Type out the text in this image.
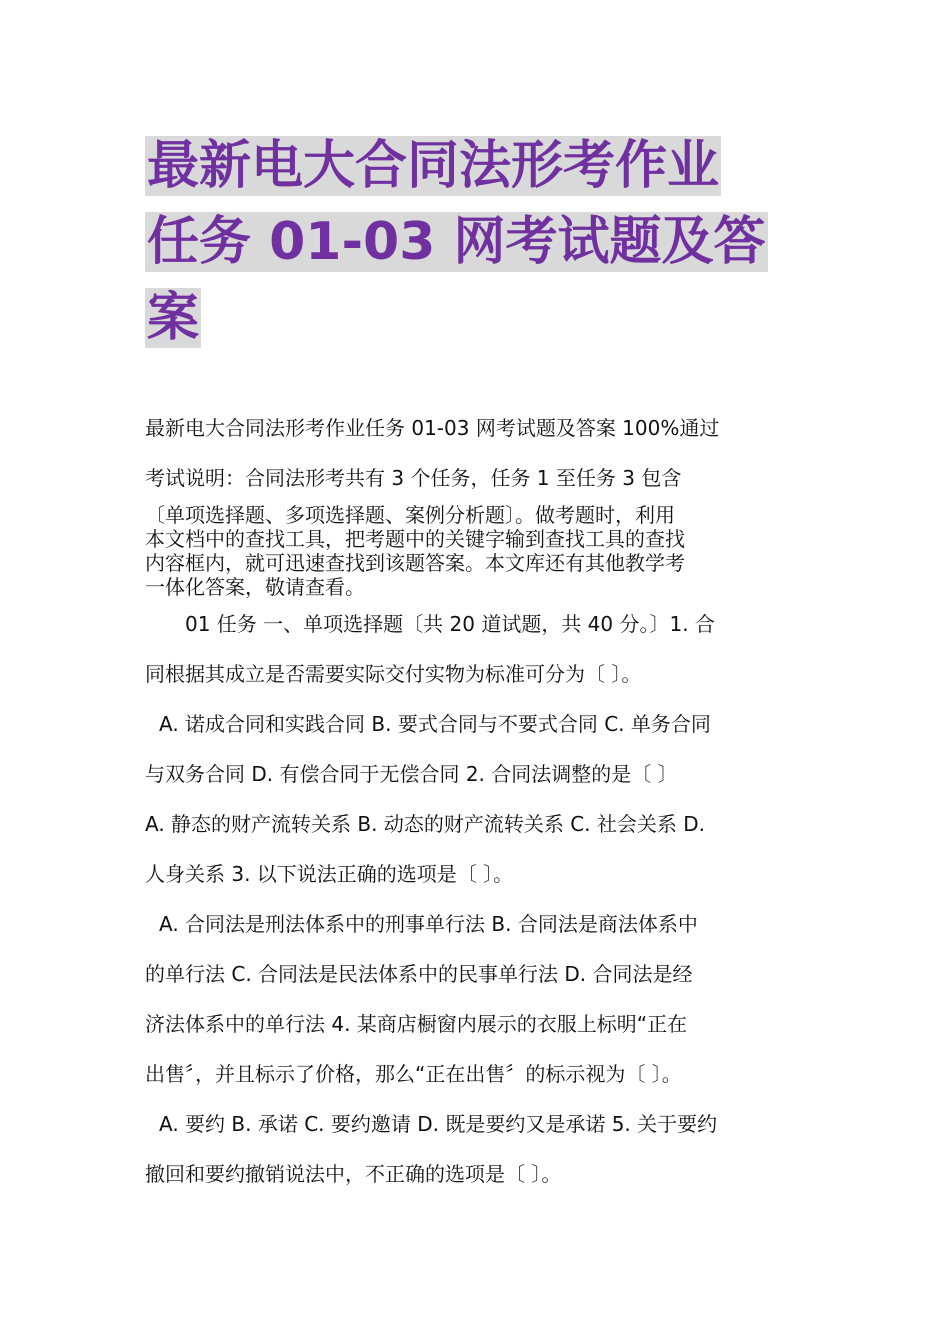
最新电大合同法形考作业
任务 01-03 网考试题及答
案
最新电大合同法形考作业任务 01-03 网考试题及答案 100%通过
考试说明：合同法形考共有 3 个任务，任务 1 至任务 3 包含
〔单项选择题、多项选择题、案例分析题〕。做考题时，利用
本文档中的查找工具，把考题中的关键字输到查找工具的查找
内容框内，就可迅速查找到该题答案。本文库还有其他教学考
一体化答案，敬请查看。
01 任务 一、单项选择题〔共 20 道试题，共 40 分。〕1. 合
同根据其成立是否需要实际交付实物为标准可分为〔 〕。
A. 诺成合同和实践合同 B. 要式合同与不要式合同 C. 单务合同
与双务合同 D. 有偿合同于无偿合同 2. 合同法调整的是〔 〕
A. 静态的财产流转关系 B. 动态的财产流转关系 C. 社会关系 D.
人身关系 3. 以下说法正确的选项是〔 〕。
A. 合同法是刑法体系中的刑事单行法 B. 合同法是商法体系中
的单行法 C. 合同法是民法体系中的民事单行法 D. 合同法是经
济法体系中的单行法 4. 某商店橱窗内展示的衣服上标明“正在
出售〞，并且标示了价格，那么“正在出售〞的标示视为〔 〕。
A. 要约 B. 承诺 C. 要约邀请 D. 既是要约又是承诺 5. 关于要约
撤回和要约撤销说法中，不正确的选项是〔 〕。
